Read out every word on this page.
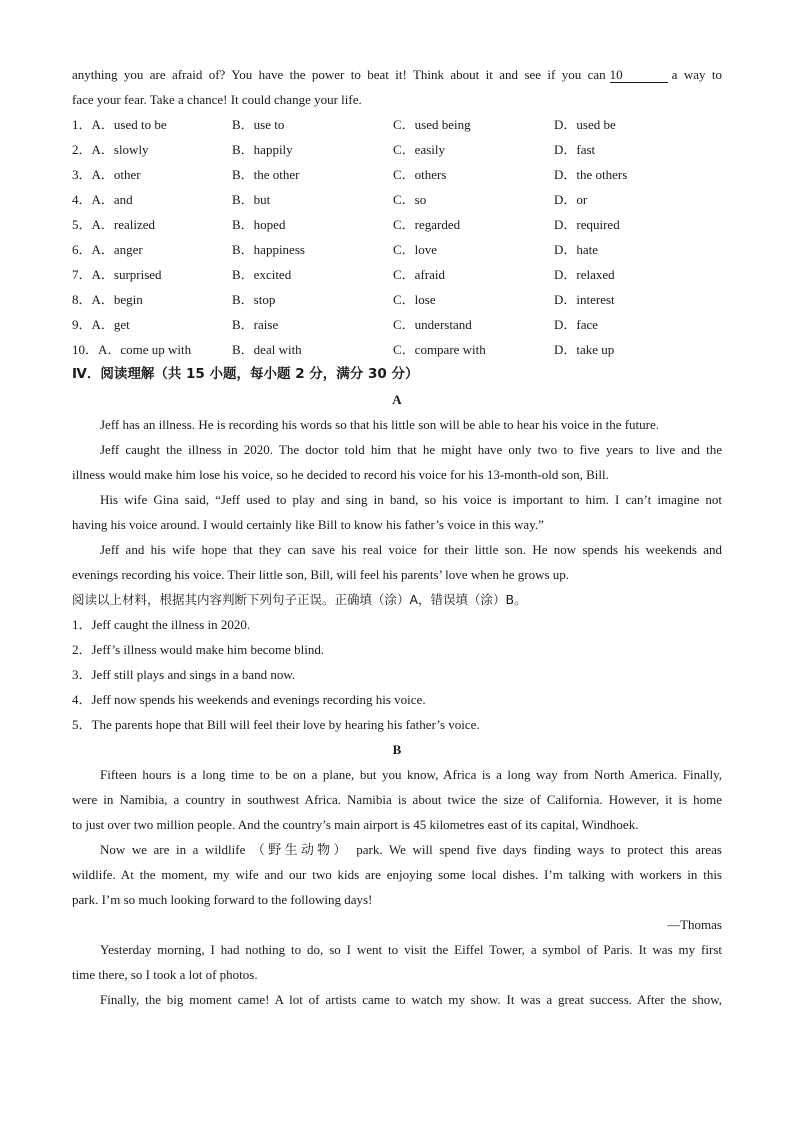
anything you are afraid of? You have the power to beat it! Think about it and see if you can 10	a way to
face your fear. Take a chance! It could change your life.
1．A．used to be	B．use to	C．used being	D．used be
2．A．slowly	B．happily	C．easily	D．fast
3．A．other	B．the other	C．others	D．the others
4．A．and	B．but	C．so	D．or
5．A．realized	B．hoped	C．regarded	D．required
6．A．anger	B．happiness	C．love	D．hate
7．A．surprised	B．excited	C．afraid	D．relaxed
8．A．begin	B．stop	C．lose	D．interest
9．A．get	B．raise	C．understand	D．face
10．A．come up with	B．deal with	C．compare with	D．take up
Ⅳ．阅读理解（共 15 小题，每小题 2 分，满分 30 分）
A
Jeff has an illness. He is recording his words so that his little son will be able to hear his voice in the future.
Jeff caught the illness in 2020. The doctor told him that he might have only two to five years to live and the
illness would make him lose his voice, so he decided to record his voice for his 13-month-old son, Bill.
His wife Gina said, “Jeff used to play and sing in band, so his voice is important to him. I can’t imagine not
having his voice around. I would certainly like Bill to know his father’s voice in this way.”
Jeff and his wife hope that they can save his real voice for their little son. He now spends his weekends and
evenings recording his voice. Their little son, Bill, will feel his parents’ love when he grows up.
阅读以上材料，根据其内容判断下列句子正误。正确填（涂）A，错误填（涂）B。
1．Jeff caught the illness in 2020.
2．Jeff’s illness would make him become blind.
3．Jeff still plays and sings in a band now.
4．Jeff now spends his weekends and evenings recording his voice.
5．The parents hope that Bill will feel their love by hearing his father’s voice.
B
Fifteen hours is a long time to be on a plane, but you know, Africa is a long way from North America. Finally,
were in Namibia, a country in southwest Africa. Namibia is about twice the size of California. However, it is home
to just over two million people. And the country’s main airport is 45 kilometres east of its capital, Windhoek.
Now we are in a wildlife （野生动物） park. We will spend five days finding ways to protect this areas
wildlife. At the moment, my wife and our two kids are enjoying some local dishes. I’m talking with workers in this
park. I’m so much looking forward to the following days!
—Thomas
Yesterday morning, I had nothing to do, so I went to visit the Eiffel Tower, a symbol of Paris. It was my first
time there, so I took a lot of photos.
Finally, the big moment came! A lot of artists came to watch my show. It was a great success. After the show,
